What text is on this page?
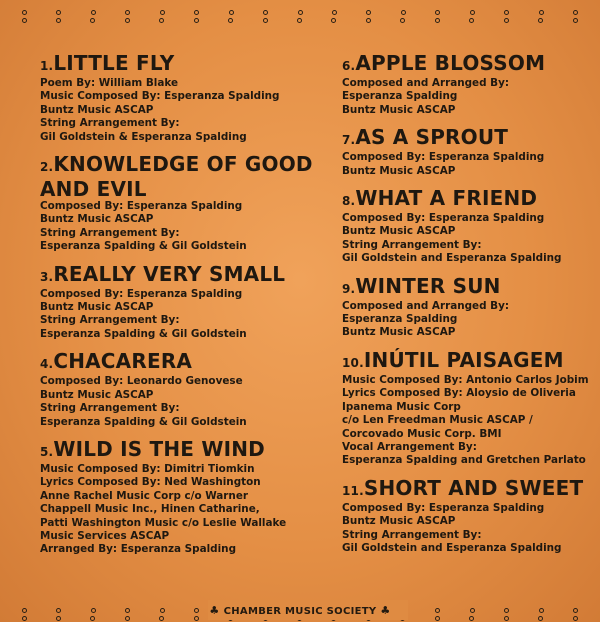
♣ CHAMBER MUSIC SOCIETY ♣
1.LITTLE FLY
Poem By: William Blake
Music Composed By: Esperanza Spalding
Buntz Music ASCAP
String Arrangement By:
Gil Goldstein & Esperanza Spalding
2.KNOWLEDGE OF GOOD
AND EVIL
Composed By: Esperanza Spalding
Buntz Music ASCAP
String Arrangement By:
Esperanza Spalding & Gil Goldstein
3.REALLY VERY SMALL
Composed By: Esperanza Spalding
Buntz Music ASCAP
String Arrangement By:
Esperanza Spalding & Gil Goldstein
4.CHACARERA
Composed By: Leonardo Genovese
Buntz Music ASCAP
String Arrangement By:
Esperanza Spalding & Gil Goldstein
5.WILD IS THE WIND
Music Composed By: Dimitri Tiomkin
Lyrics Composed By: Ned Washington
Anne Rachel Music Corp c/o Warner
Chappell Music Inc., Hinen Catharine,
Patti Washington Music c/o Leslie Wallake
Music Services ASCAP
Arranged By: Esperanza Spalding
6.APPLE BLOSSOM
Composed and Arranged By:
Esperanza Spalding
Buntz Music ASCAP
7.AS A SPROUT
Composed By: Esperanza Spalding
Buntz Music ASCAP
8.WHAT A FRIEND
Composed By: Esperanza Spalding
Buntz Music ASCAP
String Arrangement By:
Gil Goldstein and Esperanza Spalding
9.WINTER SUN
Composed and Arranged By:
Esperanza Spalding
Buntz Music ASCAP
10.INÚTIL PAISAGEM
Music Composed By: Antonio Carlos Jobim
Lyrics Composed By: Aloysio de Oliveria
Ipanema Music Corp
c/o Len Freedman Music ASCAP /
Corcovado Music Corp. BMI
Vocal Arrangement By:
Esperanza Spalding and Gretchen Parlato
11.SHORT AND SWEET
Composed By: Esperanza Spalding
Buntz Music ASCAP
String Arrangement By:
Gil Goldstein and Esperanza Spalding
